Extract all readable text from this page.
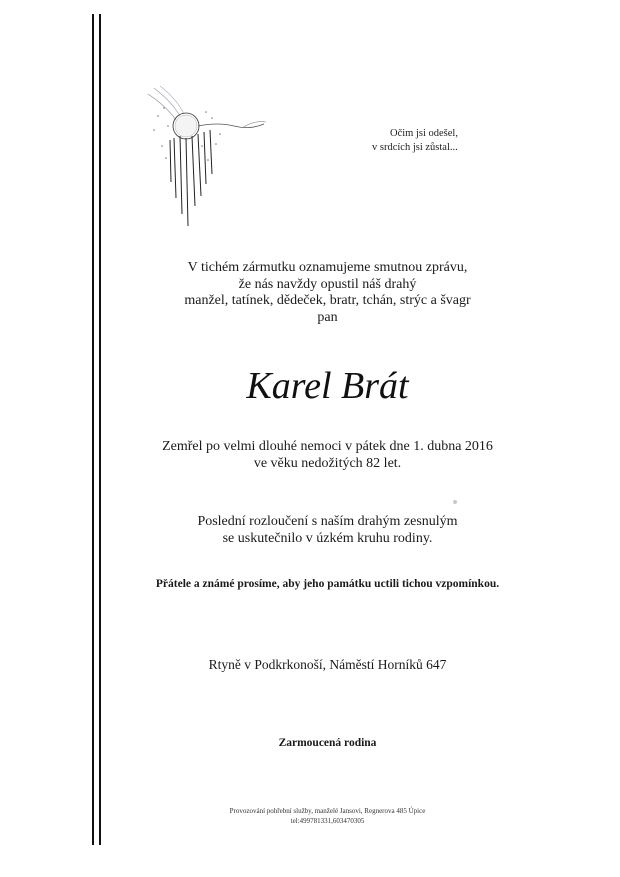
Očim jsi odešel,
v srdcích jsi zůstal...
V tichém zármutku oznamujeme smutnou zprávu,
že nás navždy opustil náš drahý
manžel, tatínek, dědeček, bratr, tchán, strýc a švagr
pan
Karel Brát
Zemřel po velmi dlouhé nemoci v pátek dne 1. dubna 2016
ve věku nedožitých 82 let.
Poslední rozloučení s naším drahým zesnulým
se uskutečnilo v úzkém kruhu rodiny.
Přátele a známé prosíme, aby jeho památku uctili tichou vzpomínkou.
Rtyně v Podkrkonoší, Náměstí Horníků 647
Zarmoucená rodina
Provozování pohřební služby, manželé Jansovi, Regnerova 485 Úpice
tel:499781331,603470305
